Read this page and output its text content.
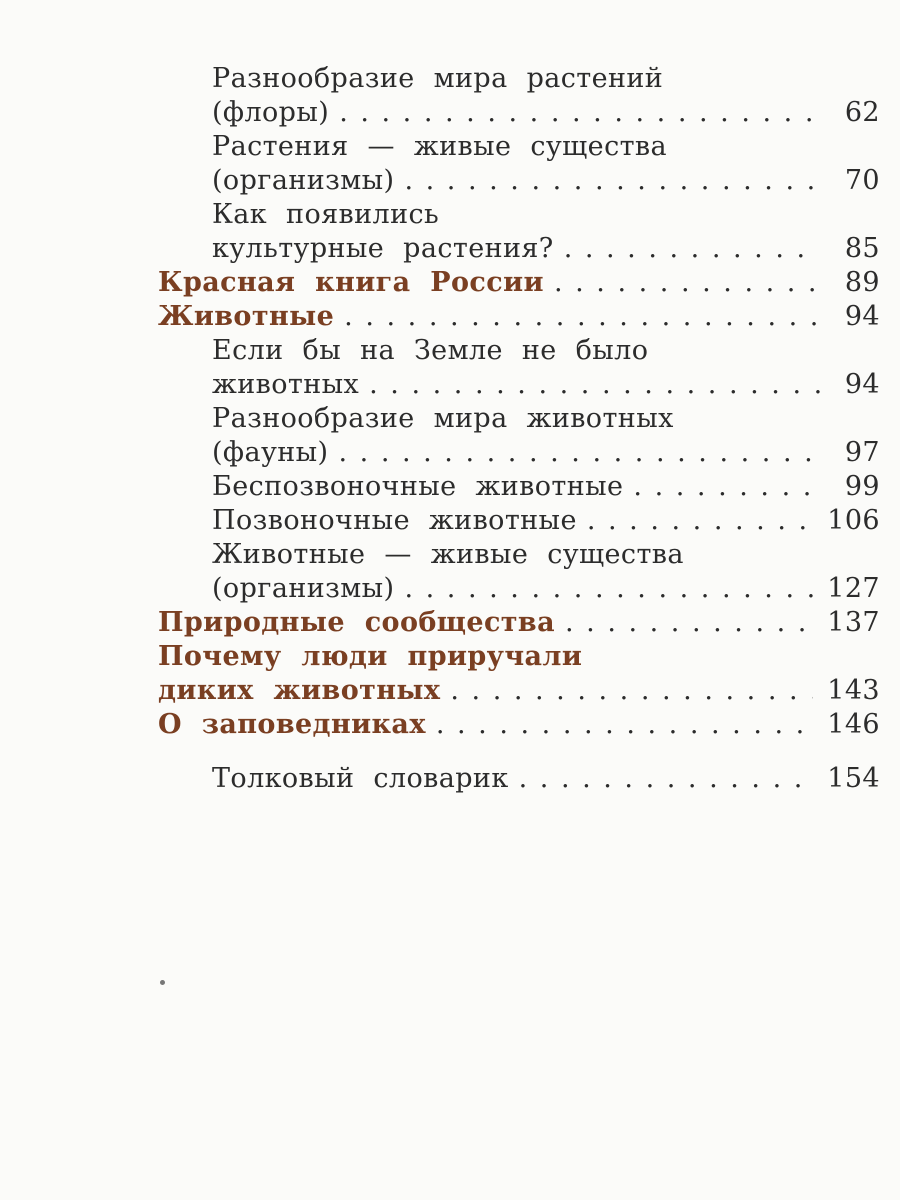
Разнообразие мира растений
(флоры) . . .	62
Растения — живые существа
(организмы) . . .	70
Как появились
культурные растения? . . .	85
Красная книга России . . .	89
Животные . . .	94
Если бы на Земле не было
животных . . .	94
Разнообразие мира животных
(фауны) . . .	97
Беспозвоночные животные . . .	99
Позвоночные животные . . .	106
Животные — живые существа
(организмы) . . .	127
Природные сообщества . . .	137
Почему люди приручали
диких животных . . .	143
О заповедниках . . .	146
Толковый словарик . . .	154
